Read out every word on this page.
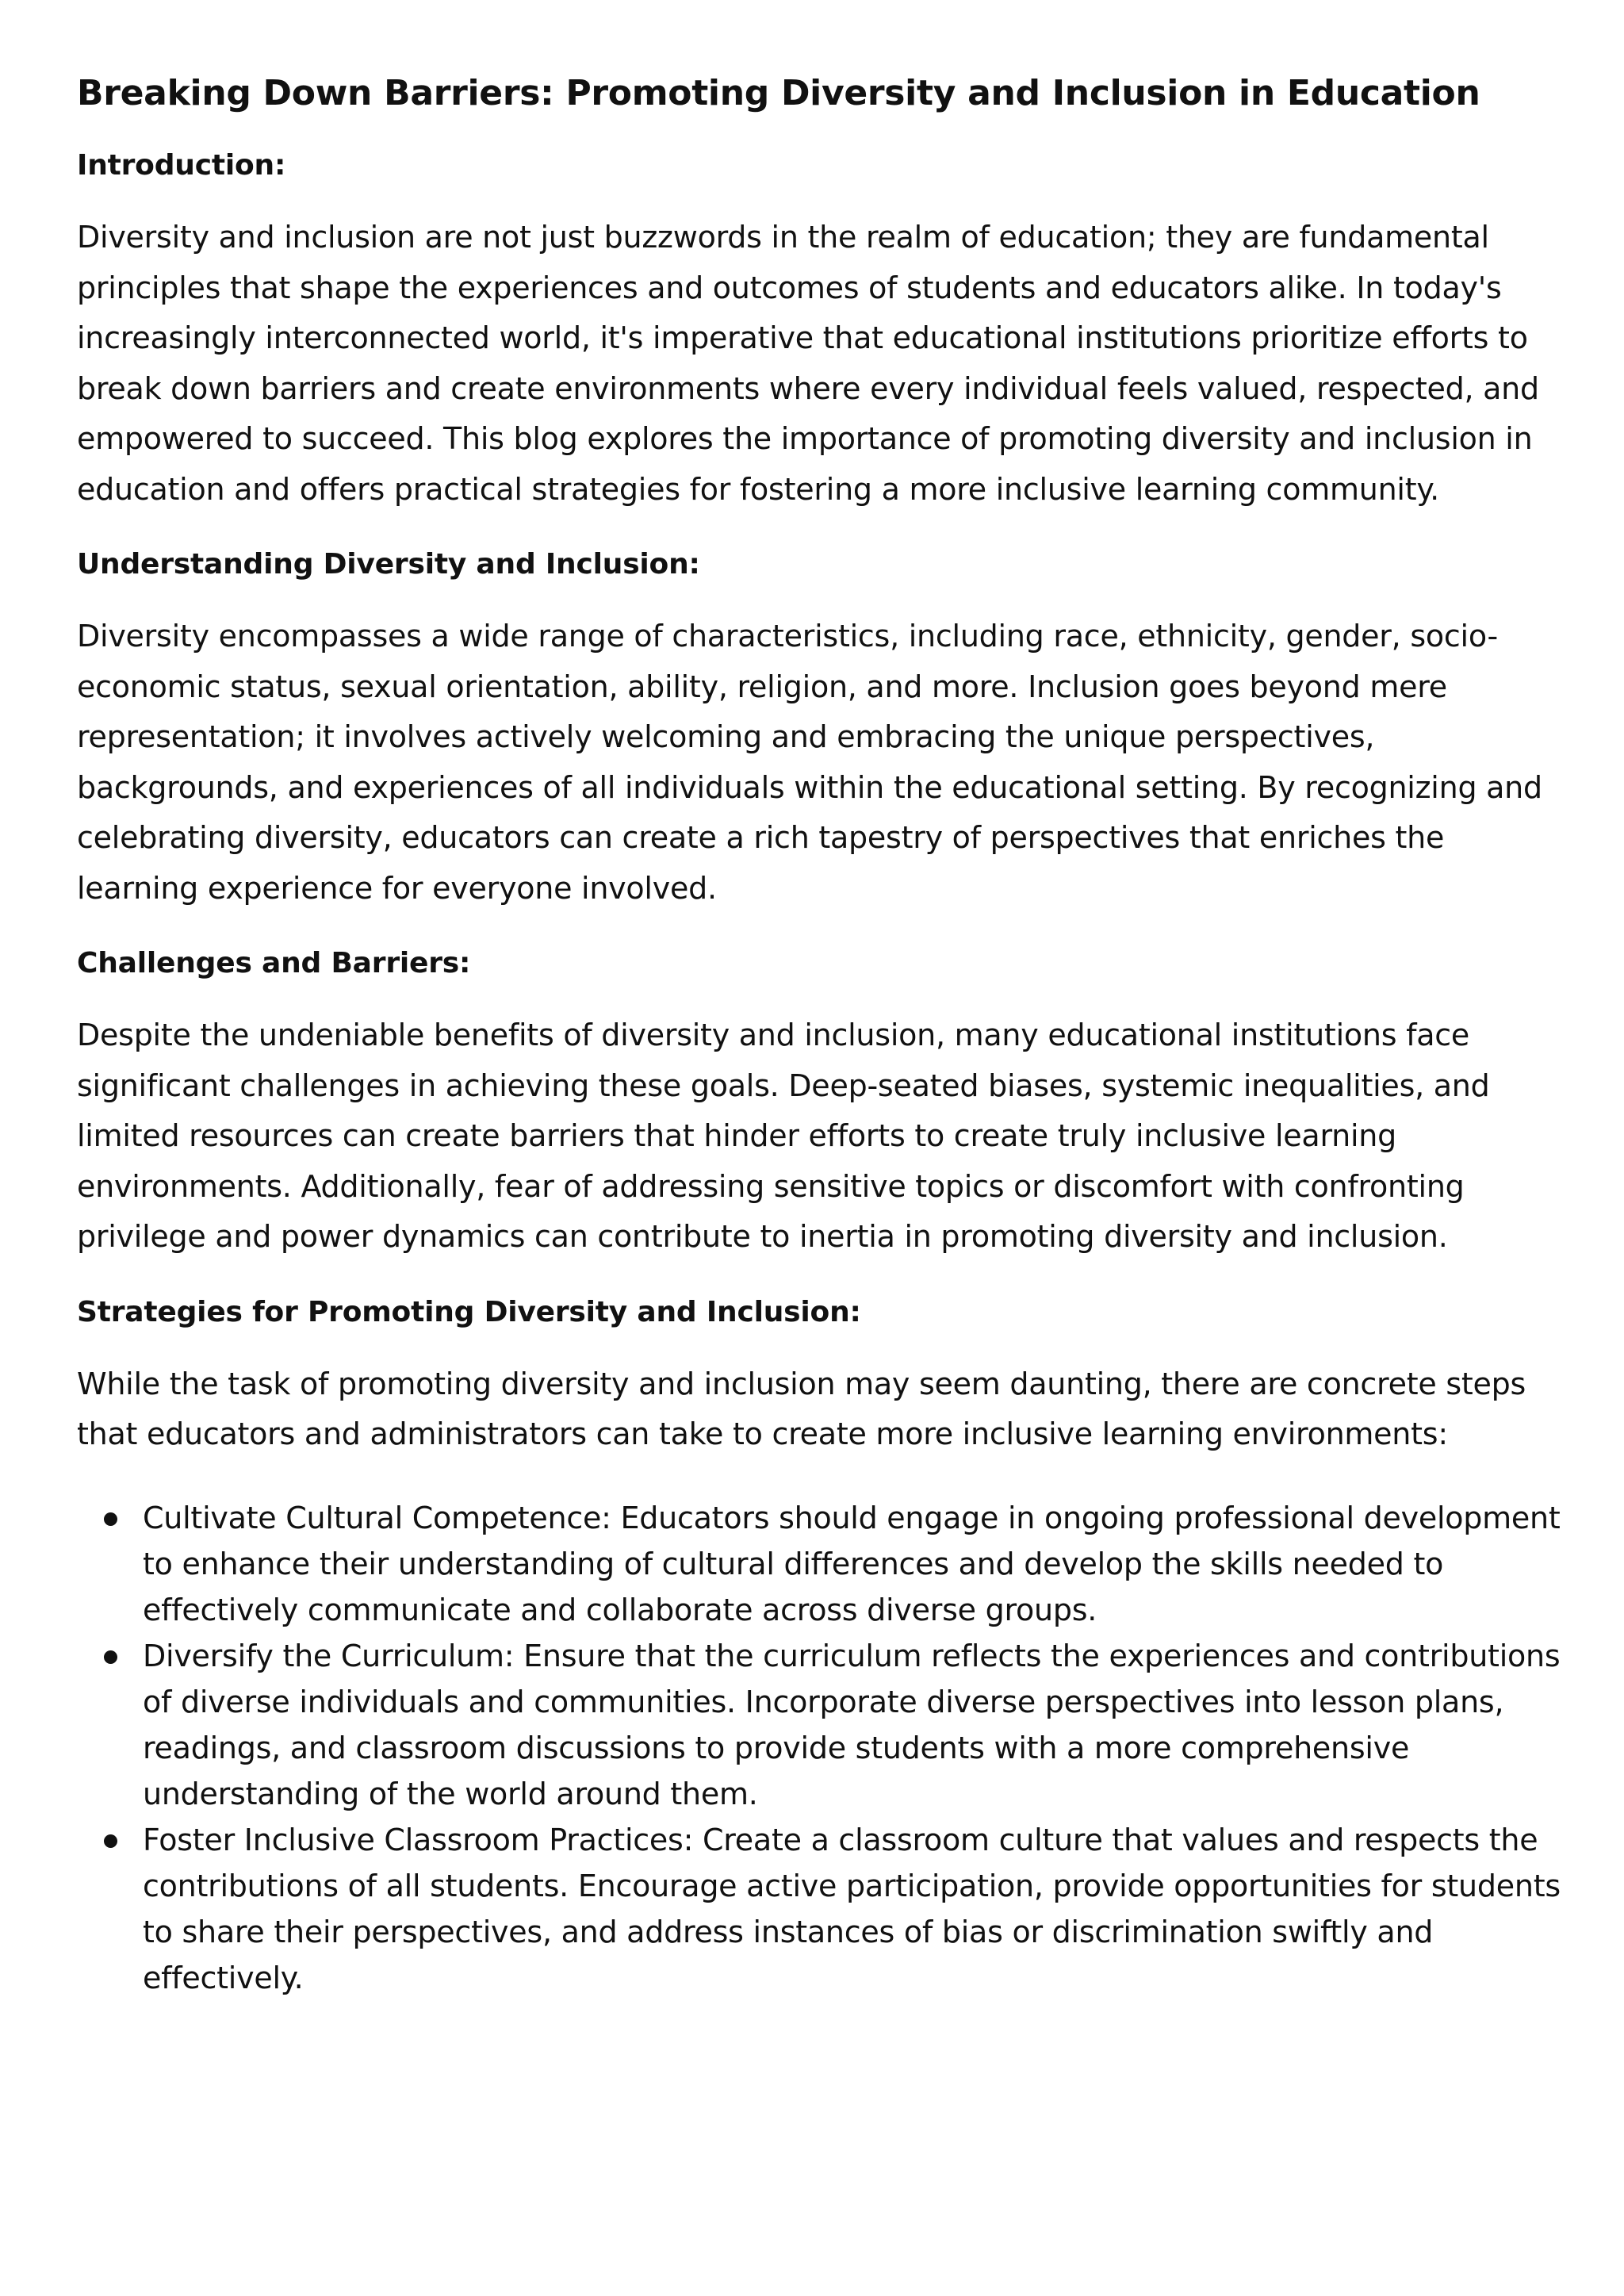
Breaking Down Barriers: Promoting Diversity and Inclusion in Education
Introduction:

Diversity and inclusion are not just buzzwords in the realm of education; they are fundamental principles that shape the experiences and outcomes of students and educators alike. In today's increasingly interconnected world, it's imperative that educational institutions prioritize efforts to break down barriers and create environments where every individual feels valued, respected, and empowered to succeed. This blog explores the importance of promoting diversity and inclusion in education and offers practical strategies for fostering a more inclusive learning community.

Understanding Diversity and Inclusion:

Diversity encompasses a wide range of characteristics, including race, ethnicity, gender, socio-economic status, sexual orientation, ability, religion, and more. Inclusion goes beyond mere representation; it involves actively welcoming and embracing the unique perspectives, backgrounds, and experiences of all individuals within the educational setting. By recognizing and celebrating diversity, educators can create a rich tapestry of perspectives that enriches the learning experience for everyone involved.

Challenges and Barriers:

Despite the undeniable benefits of diversity and inclusion, many educational institutions face significant challenges in achieving these goals. Deep-seated biases, systemic inequalities, and limited resources can create barriers that hinder efforts to create truly inclusive learning environments. Additionally, fear of addressing sensitive topics or discomfort with confronting privilege and power dynamics can contribute to inertia in promoting diversity and inclusion.

Strategies for Promoting Diversity and Inclusion:

While the task of promoting diversity and inclusion may seem daunting, there are concrete steps that educators and administrators can take to create more inclusive learning environments:

Cultivate Cultural Competence: Educators should engage in ongoing professional development to enhance their understanding of cultural differences and develop the skills needed to effectively communicate and collaborate across diverse groups.
Diversify the Curriculum: Ensure that the curriculum reflects the experiences and contributions of diverse individuals and communities. Incorporate diverse perspectives into lesson plans, readings, and classroom discussions to provide students with a more comprehensive understanding of the world around them.
Foster Inclusive Classroom Practices: Create a classroom culture that values and respects the contributions of all students. Encourage active participation, provide opportunities for students to share their perspectives, and address instances of bias or discrimination swiftly and effectively.
